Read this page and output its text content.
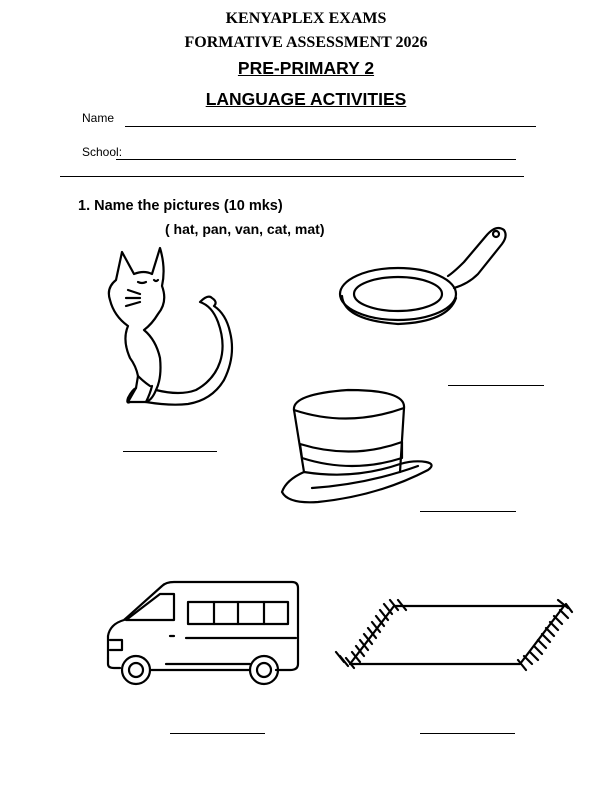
KENYAPLEX EXAMS
FORMATIVE ASSESSMENT 2026
PRE-PRIMARY 2
LANGUAGE ACTIVITIES
Name
School:
1. Name the pictures (10 mks)
( hat, pan, van, cat, mat)
